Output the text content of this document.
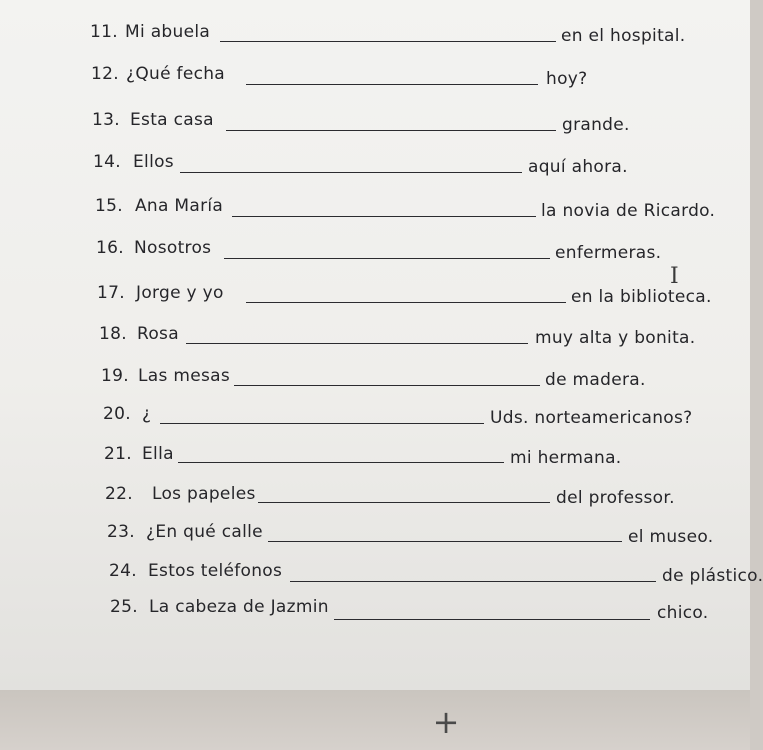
11. Mi abuela	en el hospital.
12. ¿Qué fecha	hoy?
13. Esta casa	grande.
14. Ellos	aquí ahora.
15. Ana María	la novia de Ricardo.
16. Nosotros	enfermeras.
17. Jorge y yo	en la biblioteca.
18. Rosa	muy alta y bonita.
19. Las mesas	de madera.
20. ¿	Uds. norteamericanos?
21. Ella	mi hermana.
22. Los papeles	del professor.
23. ¿En qué calle	el museo.
24. Estos teléfonos	de plástico.
25. La cabeza de Jazmin	chico.
I
+
